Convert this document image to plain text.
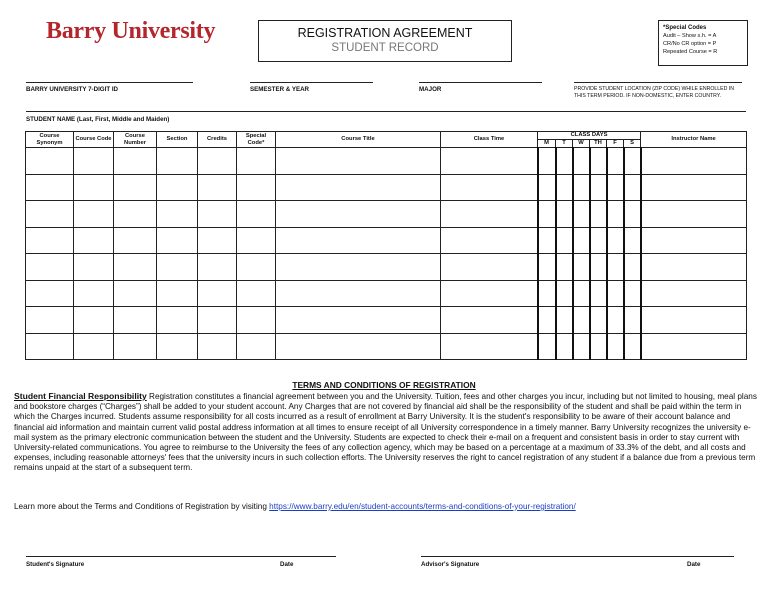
Barry University	REGISTRATION AGREEMENT
STUDENT RECORD
*Special Codes
Audit – Show s.h. = A
CR/No CR option = P
Repeated Course = R
BARRY UNIVERSITY 7-DIGIT ID	SEMESTER & YEAR	MAJOR	PROVIDE STUDENT LOCATION (ZIP CODE) WHILE ENROLLED IN THIS TERM PERIOD. IF NON-DOMESTIC, ENTER COUNTRY.
STUDENT NAME (Last, First, Middle and Maiden)
Course Synonym	Course Code	Course Number	Section	Credits	Special Code*	Course Title	Class Time	CLASS DAYS						Instructor Name
								M	T	W	TH	F	S	

TERMS AND CONDITIONS OF REGISTRATION
Student Financial Responsibility Registration constitutes a financial agreement between you and the University. Tuition, fees and other charges you incur, including but not limited to housing, meal plans and bookstore charges (“Charges”) shall be added to your student account. Any Charges that are not covered by financial aid shall be the responsibility of the student and shall be paid within the term in which the Charges incurred. Students assume responsibility for all costs incurred as a result of enrollment at Barry University. It is the student's responsibility to be aware of their account balance and financial aid information and maintain current valid postal address information at all times to ensure receipt of all University correspondence in a timely manner. Barry University recognizes the university e-mail system as the primary electronic communication between the student and the University. Students are expected to check their e-mail on a frequent and consistent basis in order to stay current with University-related communications. You agree to reimburse to the University the fees of any collection agency, which may be based on a percentage at a maximum of 33.3% of the debt, and all costs and expenses, including reasonable attorneys' fees that the university incurs in such collection efforts. The University reserves the right to cancel registration of any student if a balance due from a previous term remains unpaid at the start of a subsequent term.
Learn more about the Terms and Conditions of Registration by visiting https://www.barry.edu/en/student-accounts/terms-and-conditions-of-your-registration/
Student's Signature	Date	Advisor's Signature	Date
